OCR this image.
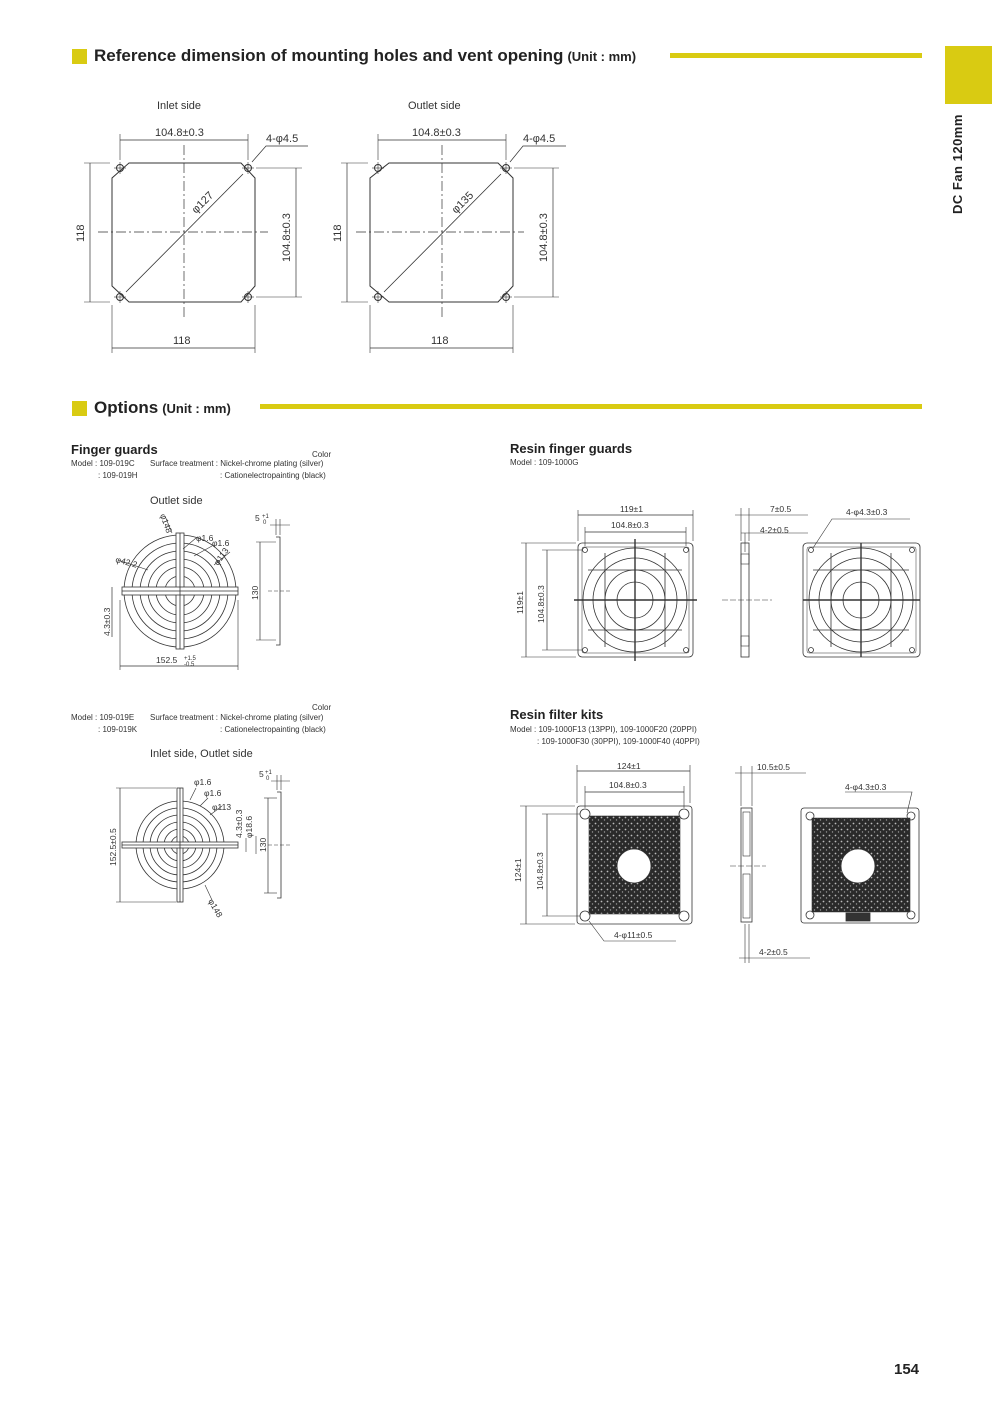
DC Fan 120mm
Reference dimension of mounting holes and vent opening (Unit : mm)
Options (Unit : mm)
Finger guards	Color
Model : 109-019C Surface treatment : Nickel-chrome plating (silver)
: 109-019H	: Cationelectropainting (black)
Color
Model : 109-019E Surface treatment : Nickel-chrome plating (silver)
: 109-019K	: Cationelectropainting (black)
Resin finger guards
Model : 109-1000G
Resin filter kits
Model : 109-1000F13 (13PPI), 109-1000F20 (20PPI)
: 109-1000F30 (30PPI), 109-1000F40 (40PPI)
Inlet side
104.8±0.3	4-φ4.5
φ127
104.8±0.3
118
118
Outlet side
104.8±0.3	4-φ4.5
φ135
104.8±0.3
118
118
Outlet side
Inlet side, Outlet side
φ148
φ1.6
φ1.6
φ113
φ42.2
4.3±0.3
152.5 +1.5
-0.5
130
5 +1
0
φ1.6
φ1.6
φ113
4.3±0.3 φ18.6
130
φ148
152.5±0.5
5 +1
0
119±1
104.8±0.3
119±1 104.8±0.3
7±0.5
4-2±0.5
4-φ4.3±0.3
124±1
104.8±0.3
124±1 104.8±0.3
4-φ11±0.5
10.5±0.5
4-2±0.5
4-φ4.3±0.3
154
